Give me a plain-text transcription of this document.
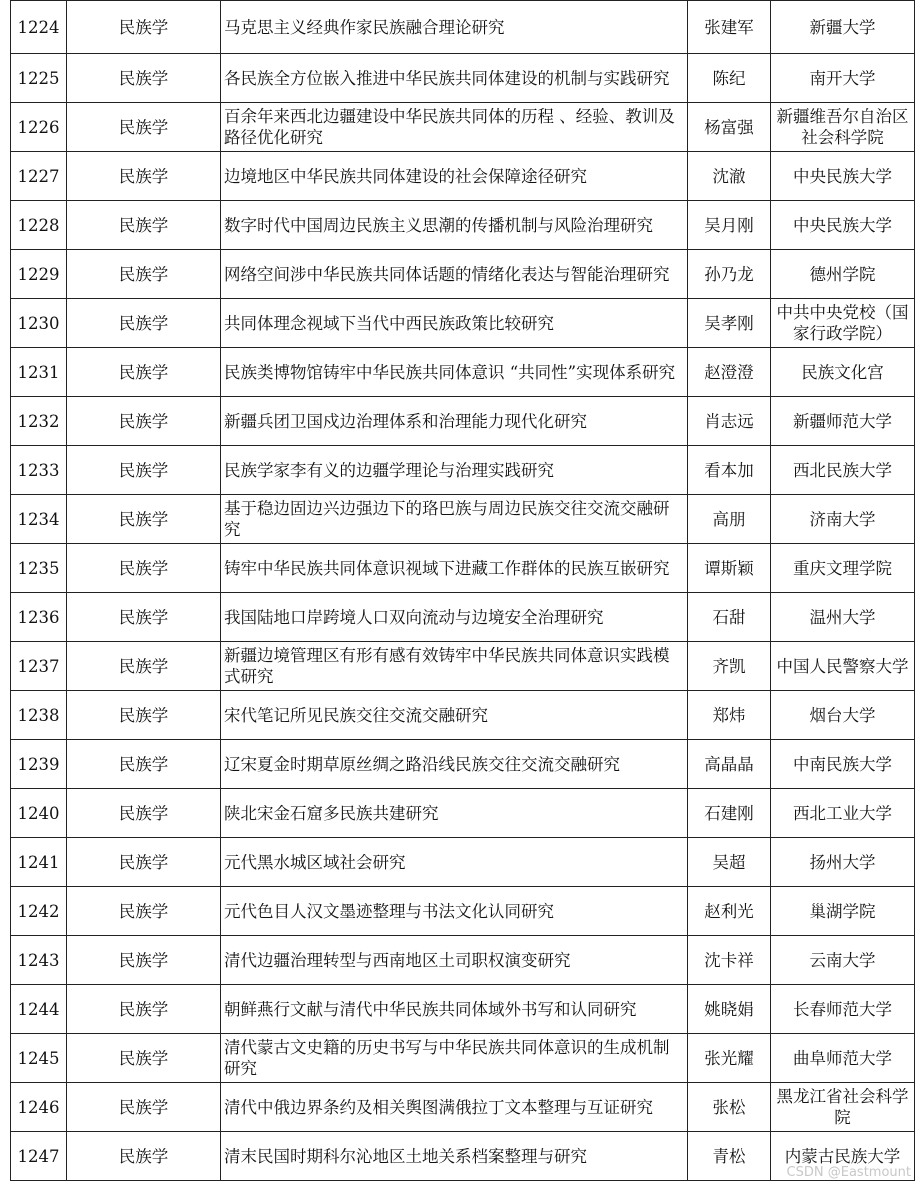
1224	民族学	马克思主义经典作家民族融合理论研究	张建军	新疆大学
1225	民族学	各民族全方位嵌入推进中华民族共同体建设的机制与实践研究	陈纪	南开大学
1226	民族学	百余年来西北边疆建设中华民族共同体的历程 、经验、教训及路径优化研究	杨富强	新疆维吾尔自治区社会科学院
1227	民族学	边境地区中华民族共同体建设的社会保障途径研究	沈澈	中央民族大学
1228	民族学	数字时代中国周边民族主义思潮的传播机制与风险治理研究	吴月刚	中央民族大学
1229	民族学	网络空间涉中华民族共同体话题的情绪化表达与智能治理研究	孙乃龙	德州学院
1230	民族学	共同体理念视域下当代中西民族政策比较研究	吴孝刚	中共中央党校（国家行政学院）
1231	民族学	民族类博物馆铸牢中华民族共同体意识 “共同性”实现体系研究	赵澄澄	民族文化宫
1232	民族学	新疆兵团卫国戍边治理体系和治理能力现代化研究	肖志远	新疆师范大学
1233	民族学	民族学家李有义的边疆学理论与治理实践研究	看本加	西北民族大学
1234	民族学	基于稳边固边兴边强边下的珞巴族与周边民族交往交流交融研究	高朋	济南大学
1235	民族学	铸牢中华民族共同体意识视域下进藏工作群体的民族互嵌研究	谭斯颖	重庆文理学院
1236	民族学	我国陆地口岸跨境人口双向流动与边境安全治理研究	石甜	温州大学
1237	民族学	新疆边境管理区有形有感有效铸牢中华民族共同体意识实践模式研究	齐凯	中国人民警察大学
1238	民族学	宋代笔记所见民族交往交流交融研究	郑炜	烟台大学
1239	民族学	辽宋夏金时期草原丝绸之路沿线民族交往交流交融研究	高晶晶	中南民族大学
1240	民族学	陕北宋金石窟多民族共建研究	石建刚	西北工业大学
1241	民族学	元代黑水城区域社会研究	吴超	扬州大学
1242	民族学	元代色目人汉文墨迹整理与书法文化认同研究	赵利光	巢湖学院
1243	民族学	清代边疆治理转型与西南地区土司职权演变研究	沈卡祥	云南大学
1244	民族学	朝鲜燕行文献与清代中华民族共同体域外书写和认同研究	姚晓娟	长春师范大学
1245	民族学	清代蒙古文史籍的历史书写与中华民族共同体意识的生成机制研究	张光耀	曲阜师范大学
1246	民族学	清代中俄边界条约及相关舆图满俄拉丁文本整理与互证研究	张松	黑龙江省社会科学院
1247	民族学	清末民国时期科尔沁地区土地关系档案整理与研究	青松	内蒙古民族大学
CSDN @Eastmount
